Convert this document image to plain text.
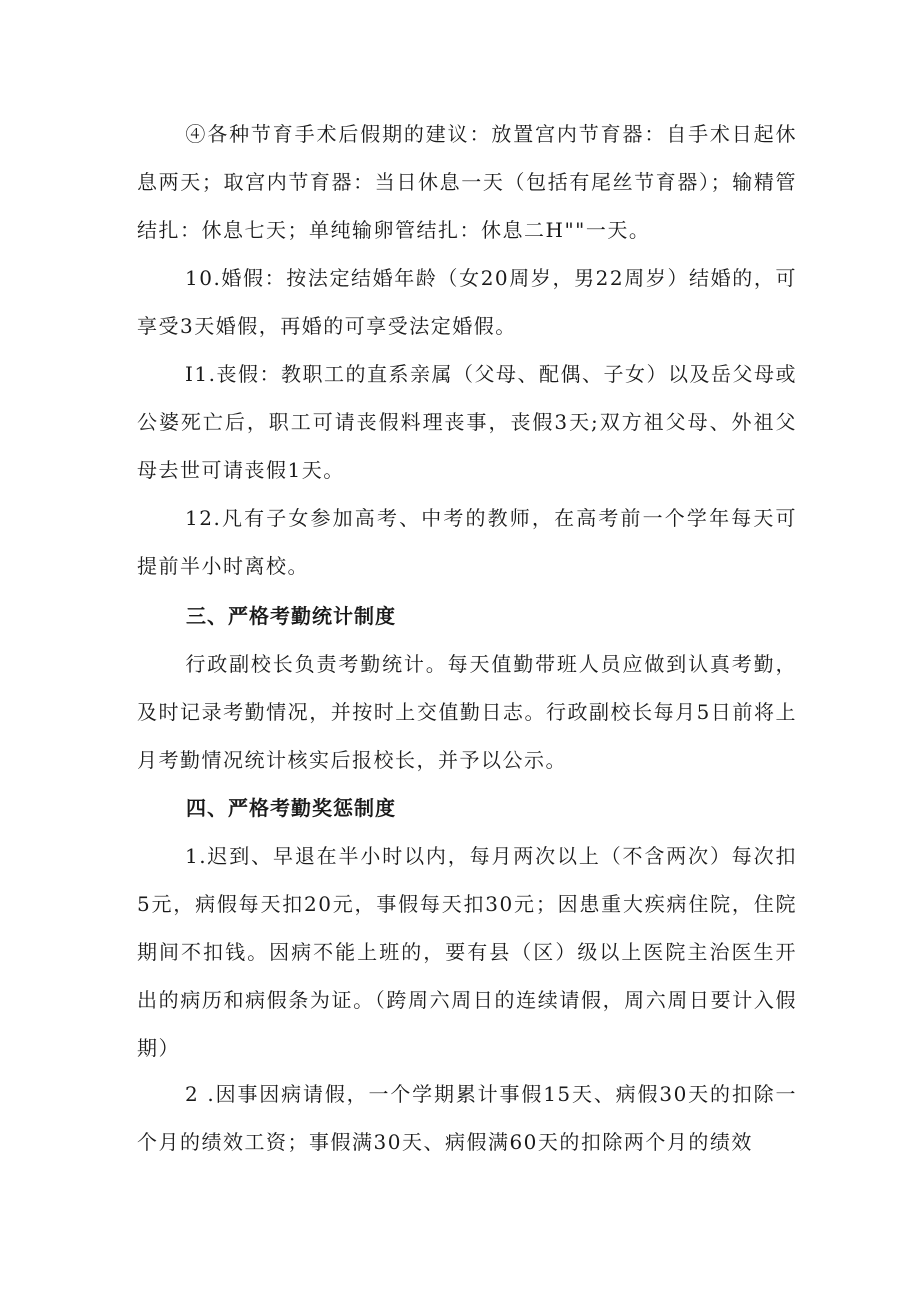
④各种节育手术后假期的建议：放置宫内节育器：自手术日起休息两天；取宫内节育器：当日休息一天（包括有尾丝节育器）；输精管结扎：休息七天；单纯输卵管结扎：休息二H""一天。

10.婚假：按法定结婚年龄（女20周岁，男22周岁）结婚的，可享受3天婚假，再婚的可享受法定婚假。

I1.丧假：教职工的直系亲属（父母、配偶、子女）以及岳父母或公婆死亡后，职工可请丧假料理丧事，丧假3天;双方祖父母、外祖父母去世可请丧假1天。

12.凡有子女参加高考、中考的教师，在高考前一个学年每天可提前半小时离校。

三、严格考勤统计制度

行政副校长负责考勤统计。每天值勤带班人员应做到认真考勤，及时记录考勤情况，并按时上交值勤日志。行政副校长每月5日前将上月考勤情况统计核实后报校长，并予以公示。

四、严格考勤奖惩制度

1.迟到、早退在半小时以内，每月两次以上（不含两次）每次扣5元，病假每天扣20元，事假每天扣30元；因患重大疾病住院，住院期间不扣钱。因病不能上班的，要有县（区）级以上医院主治医生开出的病历和病假条为证。（跨周六周日的连续请假，周六周日要计入假期）

2 .因事因病请假，一个学期累计事假15天、病假30天的扣除一个月的绩效工资；事假满30天、病假满60天的扣除两个月的绩效
